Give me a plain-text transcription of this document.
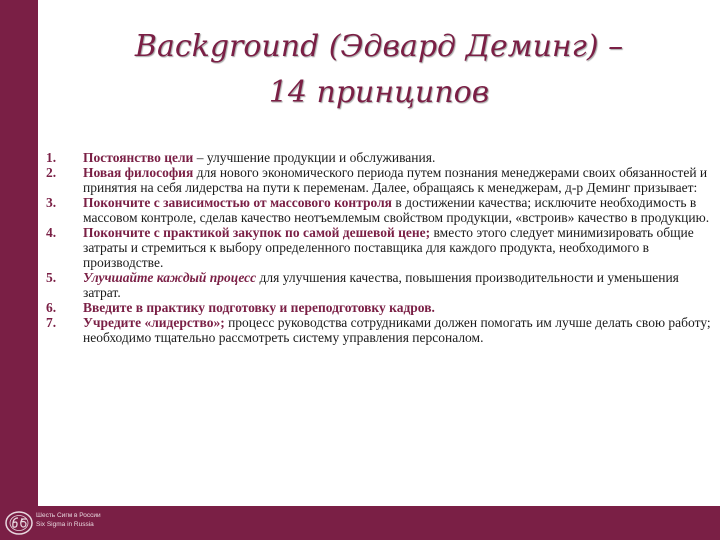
Background (Эдвард Деминг) –
14 принципов
1.	Постоянство цели – улучшение продукции и обслуживания.
2.	Новая философия для нового экономического периода путем познания менеджерами своих обязанностей и принятия на себя лидерства на пути к переменам. Далее, обращаясь к менеджерам, д-р Деминг призывает:
3.	Покончите с зависимостью от массового контроля в достижении качества; исключите необходимость в массовом контроле, сделав качество неотъемлемым свойством продукции, «встроив» качество в продукцию.
4.	Покончите с практикой закупок по самой дешевой цене; вместо этого следует минимизировать общие затраты и стремиться к выбору определенного поставщика для каждого продукта, необходимого в производстве.
5.	Улучшайте каждый процесс для улучшения качества, повышения производительности и уменьшения затрат.
6.	Введите в практику подготовку и переподготовку кадров.
7.	Учредите «лидерство»; процесс руководства сотрудниками должен помогать им лучше делать свою работу; необходимо тщательно рассмотреть систему управления персоналом.
Шесть Сигм в России
Six Sigma in Russia
